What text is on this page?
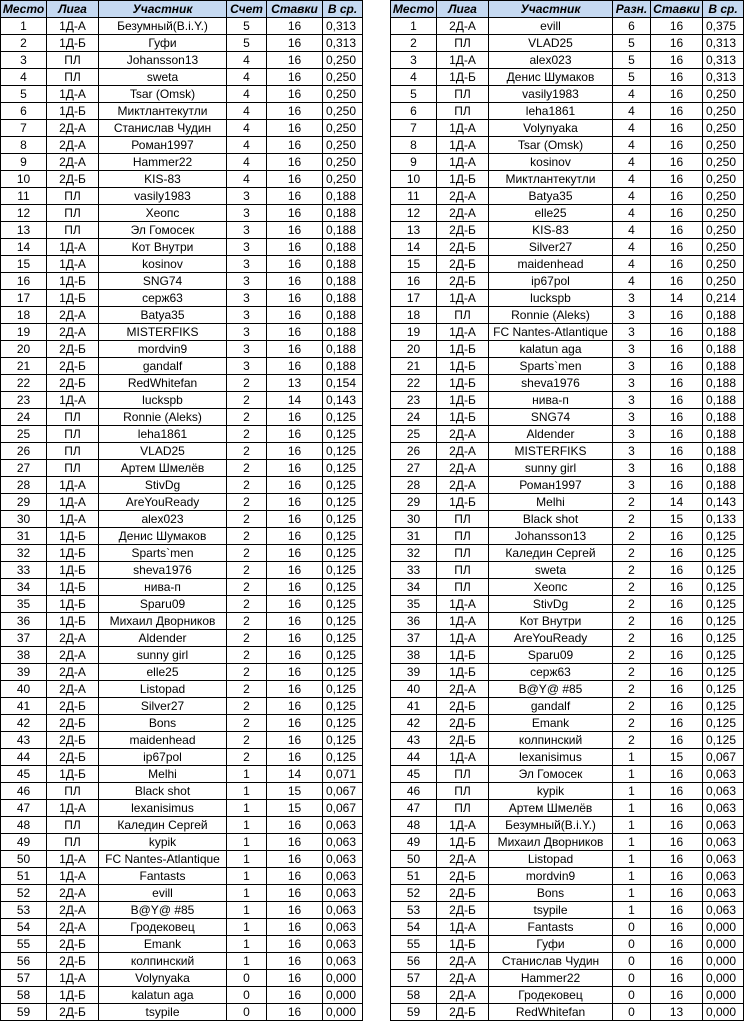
Место	Лига	Участник	Счет	Ставки	В ср.
1	1Д-А	Безумный(B.i.Y.)	5	16	0,313
2	1Д-Б	Гуфи	5	16	0,313
3	ПЛ	Johansson13	4	16	0,250
4	ПЛ	sweta	4	16	0,250
5	1Д-А	Tsar (Omsk)	4	16	0,250
6	1Д-Б	Миктлантекутли	4	16	0,250
7	2Д-А	Станислав Чудин	4	16	0,250
8	2Д-А	Роман1997	4	16	0,250
9	2Д-А	Hammer22	4	16	0,250
10	2Д-Б	KIS-83	4	16	0,250
11	ПЛ	vasily1983	3	16	0,188
12	ПЛ	Хеопс	3	16	0,188
13	ПЛ	Эл Гомосек	3	16	0,188
14	1Д-А	Кот Внутри	3	16	0,188
15	1Д-А	kosinov	3	16	0,188
16	1Д-Б	SNG74	3	16	0,188
17	1Д-Б	серж63	3	16	0,188
18	2Д-А	Batya35	3	16	0,188
19	2Д-А	MISTERFIKS	3	16	0,188
20	2Д-Б	mordvin9	3	16	0,188
21	2Д-Б	gandalf	3	16	0,188
22	2Д-Б	RedWhitefan	2	13	0,154
23	1Д-А	luckspb	2	14	0,143
24	ПЛ	Ronnie (Aleks)	2	16	0,125
25	ПЛ	leha1861	2	16	0,125
26	ПЛ	VLAD25	2	16	0,125
27	ПЛ	Артем Шмелёв	2	16	0,125
28	1Д-А	StivDg	2	16	0,125
29	1Д-А	AreYouReady	2	16	0,125
30	1Д-А	alex023	2	16	0,125
31	1Д-Б	Денис Шумаков	2	16	0,125
32	1Д-Б	Sparts`men	2	16	0,125
33	1Д-Б	sheva1976	2	16	0,125
34	1Д-Б	нива-п	2	16	0,125
35	1Д-Б	Sparu09	2	16	0,125
36	1Д-Б	Михаил Дворников	2	16	0,125
37	2Д-А	Aldender	2	16	0,125
38	2Д-А	sunny girl	2	16	0,125
39	2Д-А	elle25	2	16	0,125
40	2Д-А	Listopad	2	16	0,125
41	2Д-Б	Silver27	2	16	0,125
42	2Д-Б	Bons	2	16	0,125
43	2Д-Б	maidenhead	2	16	0,125
44	2Д-Б	ip67pol	2	16	0,125
45	1Д-Б	Melhi	1	14	0,071
46	ПЛ	Black shot	1	15	0,067
47	1Д-А	lexanisimus	1	15	0,067
48	ПЛ	Каледин Сергей	1	16	0,063
49	ПЛ	kypik	1	16	0,063
50	1Д-А	FC Nantes-Atlantique	1	16	0,063
51	1Д-А	Fantasts	1	16	0,063
52	2Д-А	evill	1	16	0,063
53	2Д-А	B@Y@ #85	1	16	0,063
54	2Д-А	Гродековец	1	16	0,063
55	2Д-Б	Emank	1	16	0,063
56	2Д-Б	колпинский	1	16	0,063
57	1Д-А	Volynyaka	0	16	0,000
58	1Д-Б	kalatun aga	0	16	0,000
59	2Д-Б	tsypile	0	16	0,000
Место	Лига	Участник	Разн.	Ставки	В ср.
1	2Д-А	evill	6	16	0,375
2	ПЛ	VLAD25	5	16	0,313
3	1Д-А	alex023	5	16	0,313
4	1Д-Б	Денис Шумаков	5	16	0,313
5	ПЛ	vasily1983	4	16	0,250
6	ПЛ	leha1861	4	16	0,250
7	1Д-А	Volynyaka	4	16	0,250
8	1Д-А	Tsar (Omsk)	4	16	0,250
9	1Д-А	kosinov	4	16	0,250
10	1Д-Б	Миктлантекутли	4	16	0,250
11	2Д-А	Batya35	4	16	0,250
12	2Д-А	elle25	4	16	0,250
13	2Д-Б	KIS-83	4	16	0,250
14	2Д-Б	Silver27	4	16	0,250
15	2Д-Б	maidenhead	4	16	0,250
16	2Д-Б	ip67pol	4	16	0,250
17	1Д-А	luckspb	3	14	0,214
18	ПЛ	Ronnie (Aleks)	3	16	0,188
19	1Д-А	FC Nantes-Atlantique	3	16	0,188
20	1Д-Б	kalatun aga	3	16	0,188
21	1Д-Б	Sparts`men	3	16	0,188
22	1Д-Б	sheva1976	3	16	0,188
23	1Д-Б	нива-п	3	16	0,188
24	1Д-Б	SNG74	3	16	0,188
25	2Д-А	Aldender	3	16	0,188
26	2Д-А	MISTERFIKS	3	16	0,188
27	2Д-А	sunny girl	3	16	0,188
28	2Д-А	Роман1997	3	16	0,188
29	1Д-Б	Melhi	2	14	0,143
30	ПЛ	Black shot	2	15	0,133
31	ПЛ	Johansson13	2	16	0,125
32	ПЛ	Каледин Сергей	2	16	0,125
33	ПЛ	sweta	2	16	0,125
34	ПЛ	Хеопс	2	16	0,125
35	1Д-А	StivDg	2	16	0,125
36	1Д-А	Кот Внутри	2	16	0,125
37	1Д-А	AreYouReady	2	16	0,125
38	1Д-Б	Sparu09	2	16	0,125
39	1Д-Б	серж63	2	16	0,125
40	2Д-А	B@Y@ #85	2	16	0,125
41	2Д-Б	gandalf	2	16	0,125
42	2Д-Б	Emank	2	16	0,125
43	2Д-Б	колпинский	2	16	0,125
44	1Д-А	lexanisimus	1	15	0,067
45	ПЛ	Эл Гомосек	1	16	0,063
46	ПЛ	kypik	1	16	0,063
47	ПЛ	Артем Шмелёв	1	16	0,063
48	1Д-А	Безумный(B.i.Y.)	1	16	0,063
49	1Д-Б	Михаил Дворников	1	16	0,063
50	2Д-А	Listopad	1	16	0,063
51	2Д-Б	mordvin9	1	16	0,063
52	2Д-Б	Bons	1	16	0,063
53	2Д-Б	tsypile	1	16	0,063
54	1Д-А	Fantasts	0	16	0,000
55	1Д-Б	Гуфи	0	16	0,000
56	2Д-А	Станислав Чудин	0	16	0,000
57	2Д-А	Hammer22	0	16	0,000
58	2Д-А	Гродековец	0	16	0,000
59	2Д-Б	RedWhitefan	0	13	0,000
